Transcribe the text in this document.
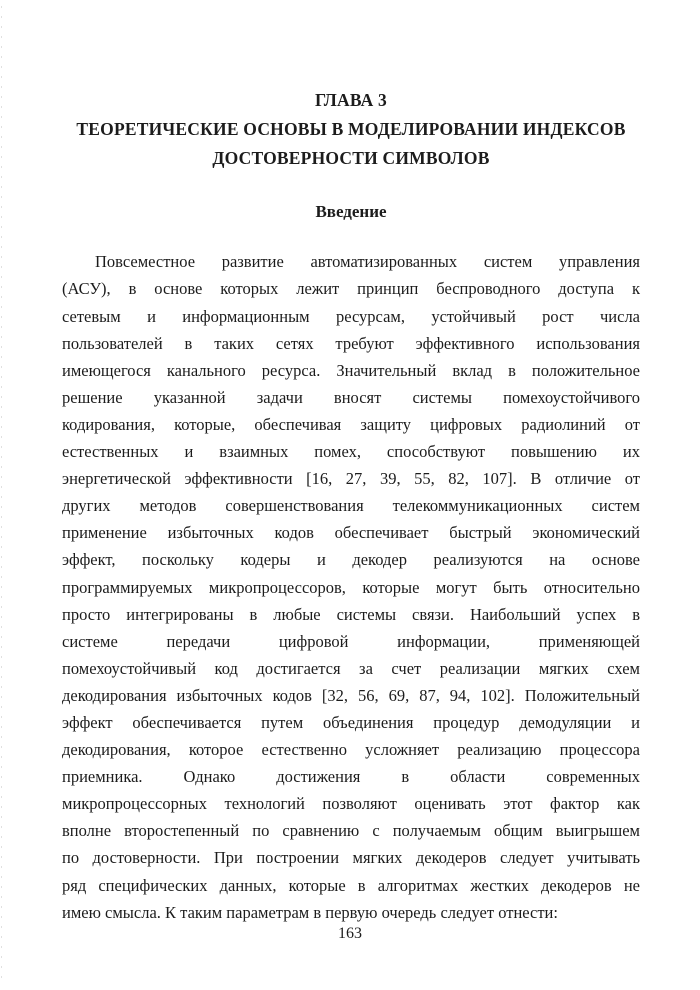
ГЛАВА 3
ТЕОРЕТИЧЕСКИЕ ОСНОВЫ В МОДЕЛИРОВАНИИ ИНДЕКСОВ
ДОСТОВЕРНОСТИ СИМВОЛОВ
Введение
Повсеместное развитие автоматизированных систем управления
(АСУ), в основе которых лежит принцип беспроводного доступа к
сетевым и информационным ресурсам, устойчивый рост числа
пользователей в таких сетях требуют эффективного использования
имеющегося канального ресурса. Значительный вклад в положительное
решение указанной задачи вносят системы помехоустойчивого
кодирования, которые, обеспечивая защиту цифровых радиолиний от
естественных и взаимных помех, способствуют повышению их
энергетической эффективности [16, 27, 39, 55, 82, 107]. В отличие от
других методов совершенствования телекоммуникационных систем
применение избыточных кодов обеспечивает быстрый экономический
эффект, поскольку кодеры и декодер реализуются на основе
программируемых микропроцессоров, которые могут быть относительно
просто интегрированы в любые системы связи. Наибольший успех в
системе передачи цифровой информации, применяющей
помехоустойчивый код достигается за счет реализации мягких схем
декодирования избыточных кодов [32, 56, 69, 87, 94, 102]. Положительный
эффект обеспечивается путем объединения процедур демодуляции и
декодирования, которое естественно усложняет реализацию процессора
приемника. Однако достижения в области современных
микропроцессорных технологий позволяют оценивать этот фактор как
вполне второстепенный по сравнению с получаемым общим выигрышем
по достоверности. При построении мягких декодеров следует учитывать
ряд специфических данных, которые в алгоритмах жестких декодеров не
имею смысла. К таким параметрам в первую очередь следует отнести:
163
